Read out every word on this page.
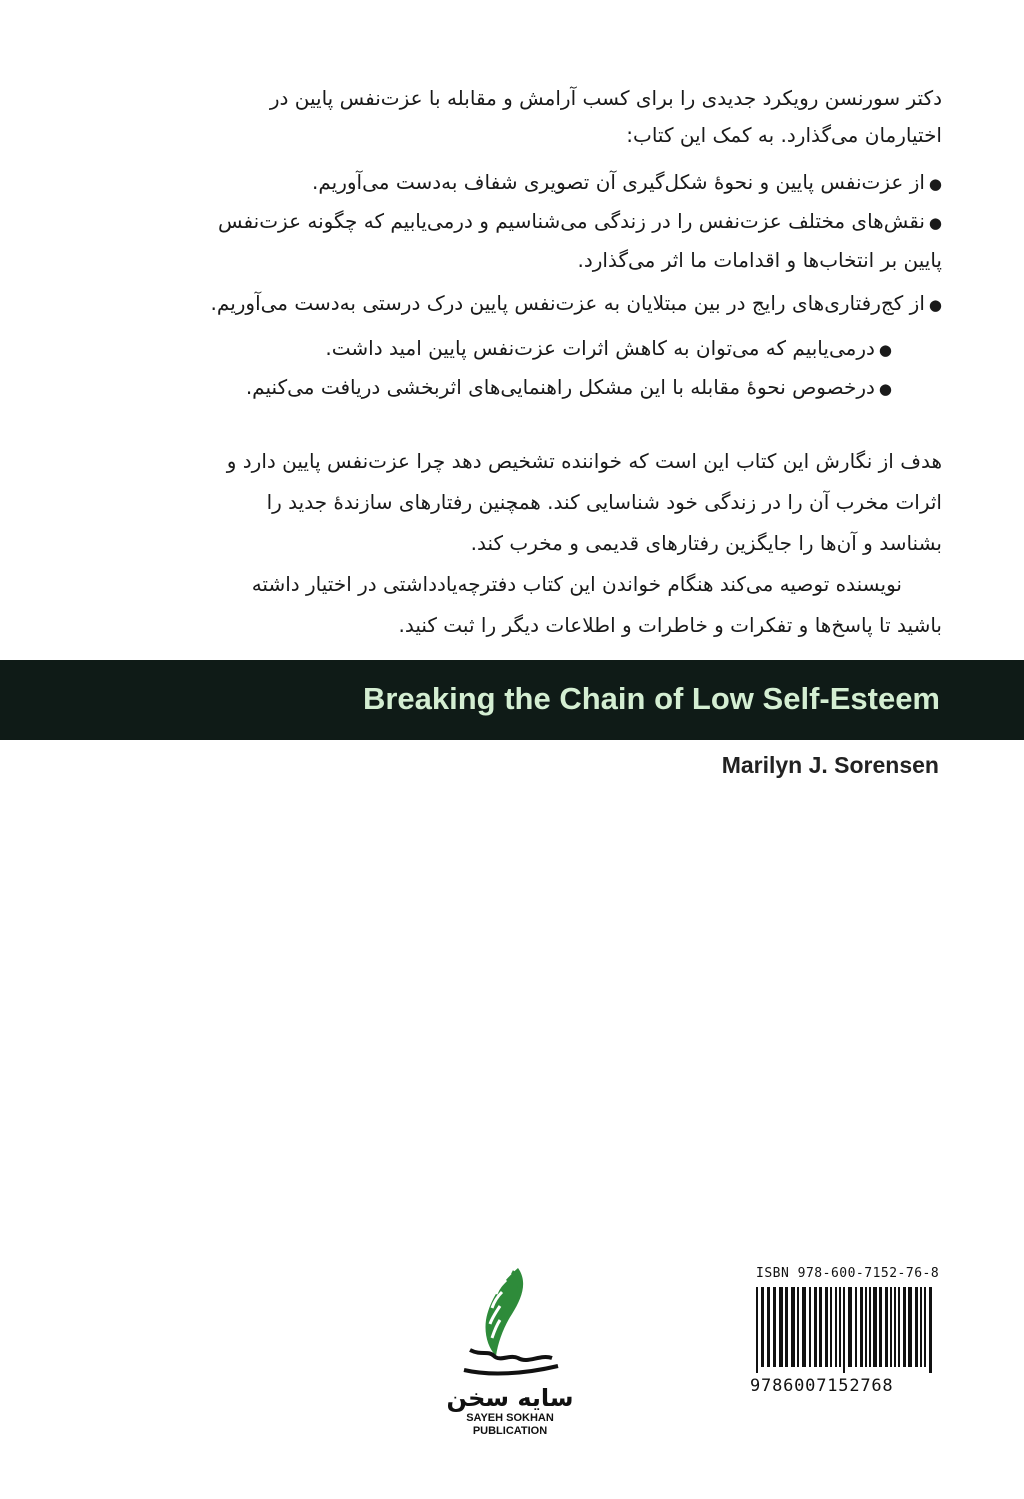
دکتر سورنسن رویکرد جدیدی را برای کسب آرامش و مقابله با عزت‌نفس پایین در

اختیارمان می‌گذارد. به کمک این کتاب:

●از عزت‌نفس پایین و نحوهٔ شکل‌گیری آن تصویری شفاف به‌دست می‌آوریم.
●نقش‌های مختلف عزت‌نفس را در زندگی می‌شناسیم و درمی‌یابیم که چگونه عزت‌نفس پایین بر انتخاب‌ها و اقدامات ما اثر می‌گذارد.
●از کج‌رفتاری‌های رایج در بین مبتلایان به عزت‌نفس پایین درک درستی به‌دست می‌آوریم.
●درمی‌یابیم که می‌توان به کاهش اثرات عزت‌نفس پایین امید داشت.
●درخصوص نحوهٔ مقابله با این مشکل راهنمایی‌های اثربخشی دریافت می‌کنیم.

هدف از نگارش این کتاب این است که خواننده تشخیص دهد چرا عزت‌نفس پایین دارد و اثرات مخرب آن را در زندگی خود شناسایی کند. همچنین رفتارهای سازندهٔ جدید را بشناسد و آن‌ها را جایگزین رفتارهای قدیمی و مخرب کند.

نویسنده توصیه می‌کند هنگام خواندن این کتاب دفترچه‌یادداشتی در اختیار داشته باشید تا پاسخ‌ها و تفکرات و خاطرات و اطلاعات دیگر را ثبت کنید.

Breaking the Chain of Low Self-Esteem
Marilyn J. Sorensen
سایه سخن
SAYEH SOKHAN
PUBLICATION
ISBN 978-600-7152-76-8
9786007152768
